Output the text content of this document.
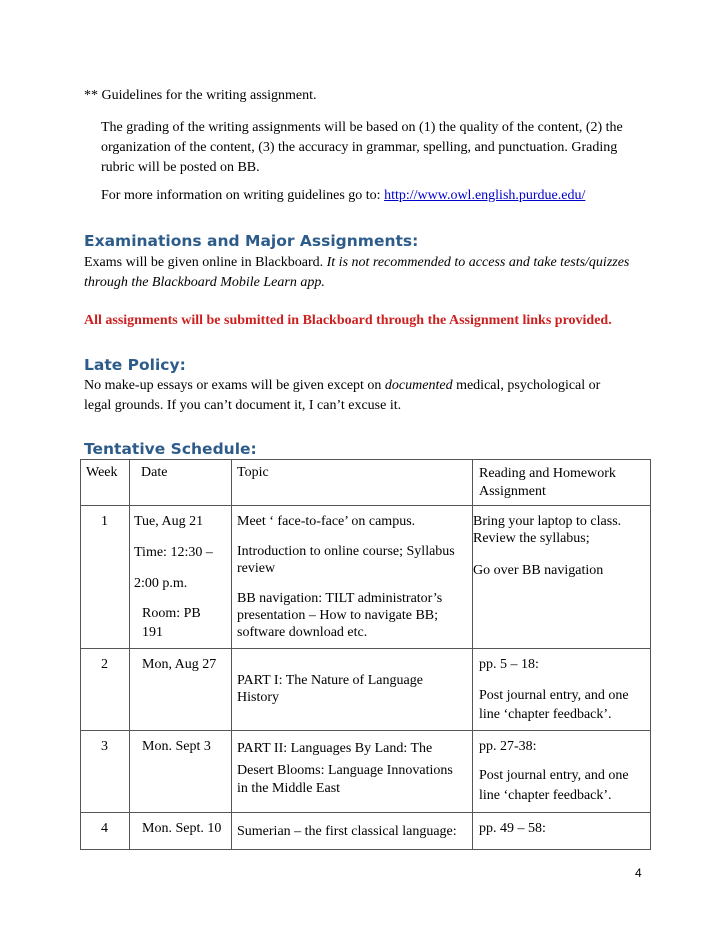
** Guidelines for the writing assignment.
The grading of the writing assignments will be based on (1) the quality of the content, (2) the
organization of the content, (3) the accuracy in grammar, spelling, and punctuation. Grading
rubric will be posted on BB.
For more information on writing guidelines go to: http://www.owl.english.purdue.edu/
Examinations and Major Assignments:
Exams will be given online in Blackboard. It is not recommended to access and take tests/quizzes
through the Blackboard Mobile Learn app.
All assignments will be submitted in Blackboard through the Assignment links provided.
Late Policy:
No make-up essays or exams will be given except on documented medical, psychological or
legal grounds. If you can’t document it, I can’t excuse it.
Tentative Schedule:
Week Date	Topic	Reading and Homework
Assignment
1 Tue, Aug 21
Time: 12:30 –
2:00 p.m.
Room: PB
191
Meet ‘ face-to-face’ on campus.
Introduction to online course; Syllabus
review
BB navigation: TILT administrator’s
presentation – How to navigate BB;
software download etc.
Bring your laptop to class.
Review the syllabus;
Go over BB navigation
2 Mon, Aug 27
PART I: The Nature of Language
History
pp. 5 – 18:
Post journal entry, and one
line ‘chapter feedback’.
3 Mon. Sept 3 PART II: Languages By Land: The
Desert Blooms: Language Innovations
in the Middle East
pp. 27-38:
Post journal entry, and one
line ‘chapter feedback’.
4 Mon. Sept. 10 Sumerian – the first classical language: pp. 49 – 58:
4
